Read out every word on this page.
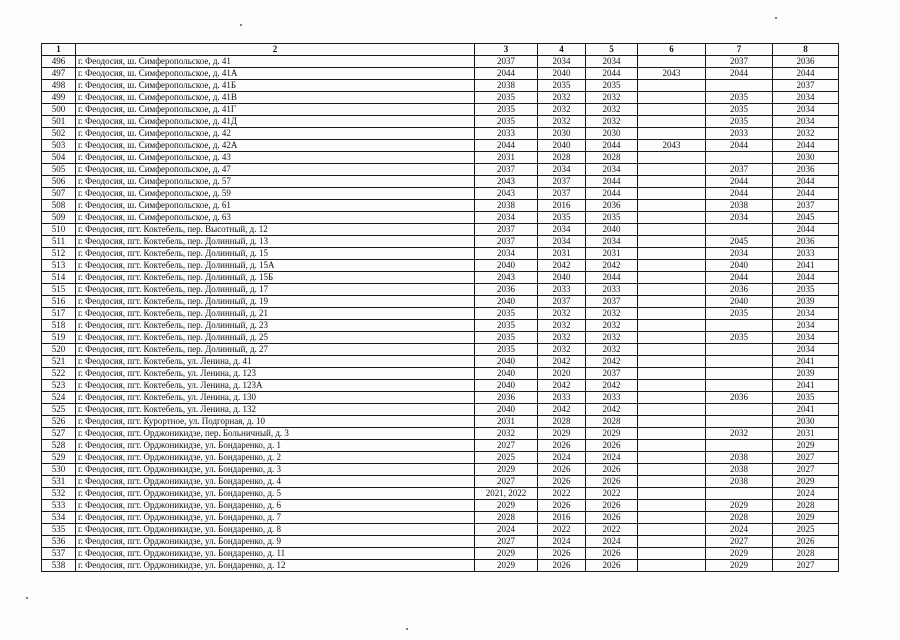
1	2	3	4	5	6	7	8
496	г. Феодосия, ш. Симферопольское, д. 41	2037	2034	2034		2037	2036
497	г. Феодосия, ш. Симферопольское, д. 41А	2044	2040	2044	2043	2044	2044
498	г. Феодосия, ш. Симферопольское, д. 41Б	2038	2035	2035			2037
499	г. Феодосия, ш. Симферопольское, д. 41В	2035	2032	2032		2035	2034
500	г. Феодосия, ш. Симферопольское, д. 41Г	2035	2032	2032		2035	2034
501	г. Феодосия, ш. Симферопольское, д. 41Д	2035	2032	2032		2035	2034
502	г. Феодосия, ш. Симферопольское, д. 42	2033	2030	2030		2033	2032
503	г. Феодосия, ш. Симферопольское, д. 42А	2044	2040	2044	2043	2044	2044
504	г. Феодосия, ш. Симферопольское, д. 43	2031	2028	2028			2030
505	г. Феодосия, ш. Симферопольское, д. 47	2037	2034	2034		2037	2036
506	г. Феодосия, ш. Симферопольское, д. 57	2043	2037	2044		2044	2044
507	г. Феодосия, ш. Симферопольское, д. 59	2043	2037	2044		2044	2044
508	г. Феодосия, ш. Симферопольское, д. 61	2038	2016	2036		2038	2037
509	г. Феодосия, ш. Симферопольское, д. 63	2034	2035	2035		2034	2045
510	г. Феодосия, пгт. Коктебель, пер. Высотный, д. 12	2037	2034	2040			2044
511	г. Феодосия, пгт. Коктебель, пер. Долинный, д. 13	2037	2034	2034		2045	2036
512	г. Феодосия, пгт. Коктебель, пер. Долинный, д. 15	2034	2031	2031		2034	2033
513	г. Феодосия, пгт. Коктебель, пер. Долинный, д. 15А	2040	2042	2042		2040	2041
514	г. Феодосия, пгт. Коктебель, пер. Долинный, д. 15Б	2043	2040	2044		2044	2044
515	г. Феодосия, пгт. Коктебель, пер. Долинный, д. 17	2036	2033	2033		2036	2035
516	г. Феодосия, пгт. Коктебель, пер. Долинный, д. 19	2040	2037	2037		2040	2039
517	г. Феодосия, пгт. Коктебель, пер. Долинный, д. 21	2035	2032	2032		2035	2034
518	г. Феодосия, пгт. Коктебель, пер. Долинный, д. 23	2035	2032	2032			2034
519	г. Феодосия, пгт. Коктебель, пер. Долинный, д. 25	2035	2032	2032		2035	2034
520	г. Феодосия, пгт. Коктебель, пер. Долинный, д. 27	2035	2032	2032			2034
521	г. Феодосия, пгт. Коктебель, ул. Ленина, д. 41	2040	2042	2042			2041
522	г. Феодосия, пгт. Коктебель, ул. Ленина, д. 123	2040	2020	2037			2039
523	г. Феодосия, пгт. Коктебель, ул. Ленина, д. 123А	2040	2042	2042			2041
524	г. Феодосия, пгт. Коктебель, ул. Ленина, д. 130	2036	2033	2033		2036	2035
525	г. Феодосия, пгт. Коктебель, ул. Ленина, д. 132	2040	2042	2042			2041
526	г. Феодосия, пгт. Курортное, ул. Подгорная, д. 10	2031	2028	2028			2030
527	г. Феодосия, пгт. Орджоникидзе, пер. Больничный, д. 3	2032	2029	2029		2032	2031
528	г. Феодосия, пгт. Орджоникидзе, ул. Бондаренко, д. 1	2027	2026	2026			2029
529	г. Феодосия, пгт. Орджоникидзе, ул. Бондаренко, д. 2	2025	2024	2024		2038	2027
530	г. Феодосия, пгт. Орджоникидзе, ул. Бондаренко, д. 3	2029	2026	2026		2038	2027
531	г. Феодосия, пгт. Орджоникидзе, ул. Бондаренко, д. 4	2027	2026	2026		2038	2029
532	г. Феодосия, пгт. Орджоникидзе, ул. Бондаренко, д. 5	2021, 2022	2022	2022			2024
533	г. Феодосия, пгт. Орджоникидзе, ул. Бондаренко, д. 6	2029	2026	2026		2029	2028
534	г. Феодосия, пгт. Орджоникидзе, ул. Бондаренко, д. 7	2028	2016	2026		2028	2029
535	г. Феодосия, пгт. Орджоникидзе, ул. Бондаренко, д. 8	2024	2022	2022		2024	2025
536	г. Феодосия, пгт. Орджоникидзе, ул. Бондаренко, д. 9	2027	2024	2024		2027	2026
537	г. Феодосия, пгт. Орджоникидзе, ул. Бондаренко, д. 11	2029	2026	2026		2029	2028
538	г. Феодосия, пгт. Орджоникидзе, ул. Бондаренко, д. 12	2029	2026	2026		2029	2027
